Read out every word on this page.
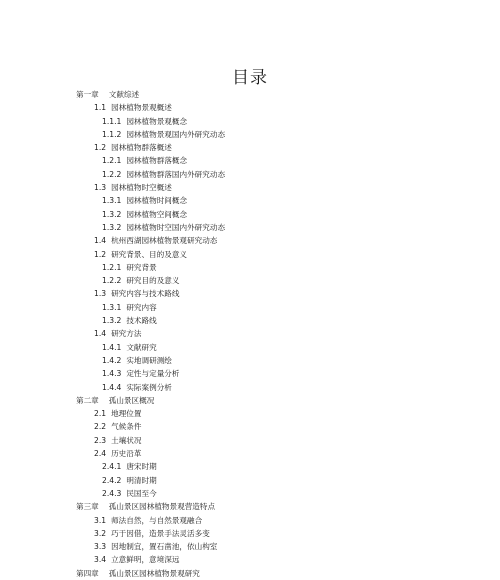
目录
第一章 文献综述
1.1 园林植物景观概述
1.1.1 园林植物景观概念
1.1.2 园林植物景观国内外研究动态
1.2 园林植物群落概述
1.2.1 园林植物群落概念
1.2.2 园林植物群落国内外研究动态
1.3 园林植物时空概述
1.3.1 园林植物时间概念
1.3.2 园林植物空间概念
1.3.2 园林植物时空国内外研究动态
1.4 杭州西湖园林植物景观研究动态
1.2 研究背景、目的及意义
1.2.1 研究背景
1.2.2 研究目的及意义
1.3 研究内容与技术路线
1.3.1 研究内容
1.3.2 技术路线
1.4 研究方法
1.4.1 文献研究
1.4.2 实地调研测绘
1.4.3 定性与定量分析
1.4.4 实际案例分析
第二章 孤山景区概况
2.1 地理位置
2.2 气候条件
2.3 土壤状况
2.4 历史沿革
2.4.1 唐宋时期
2.4.2 明清时期
2.4.3 民国至今
第三章 孤山景区园林植物景观营造特点
3.1 师法自然，与自然景观融合
3.2 巧于因借，造景手法灵活多变
3.3 因地制宜，置石凿池，依山构室
3.4 立意鲜明，意境深远
第四章 孤山景区园林植物景观研究
